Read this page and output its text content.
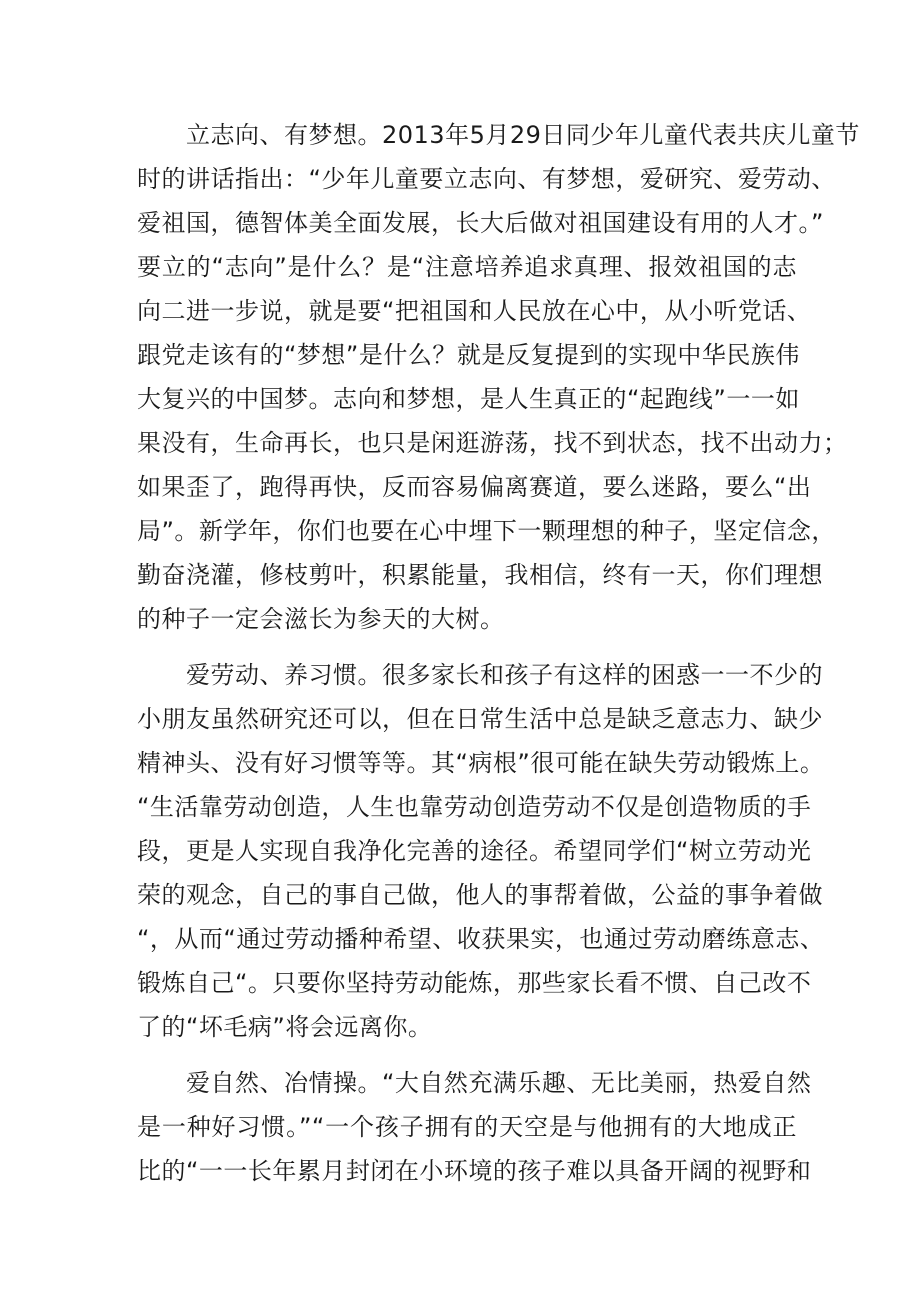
立志向、有梦想。2013年5月29日同少年儿童代表共庆儿童节
时的讲话指出：“少年儿童要立志向、有梦想，爱研究、爱劳动、
爱祖国，德智体美全面发展，长大后做对祖国建设有用的人才。”
要立的“志向”是什么？是“注意培养追求真理、报效祖国的志
向二进一步说，就是要“把祖国和人民放在心中，从小听党话、
跟党走该有的“梦想”是什么？就是反复提到的实现中华民族伟
大复兴的中国梦。志向和梦想，是人生真正的“起跑线”一一如
果没有，生命再长，也只是闲逛游荡，找不到状态，找不出动力；
如果歪了，跑得再快，反而容易偏离赛道，要么迷路，要么“出
局”。新学年，你们也要在心中埋下一颗理想的种子，坚定信念，
勤奋浇灌，修枝剪叶，积累能量，我相信，终有一天，你们理想
的种子一定会滋长为参天的大树。
爱劳动、养习惯。很多家长和孩子有这样的困惑一一不少的
小朋友虽然研究还可以，但在日常生活中总是缺乏意志力、缺少
精神头、没有好习惯等等。其“病根”很可能在缺失劳动锻炼上。
“生活靠劳动创造，人生也靠劳动创造劳动不仅是创造物质的手
段，更是人实现自我净化完善的途径。希望同学们“树立劳动光
荣的观念，自己的事自己做，他人的事帮着做，公益的事争着做
“，从而“通过劳动播种希望、收获果实，也通过劳动磨练意志、
锻炼自己“。只要你坚持劳动能炼，那些家长看不惯、自己改不
了的“坏毛病”将会远离你。
爱自然、冶情操。“大自然充满乐趣、无比美丽，热爱自然
是一种好习惯。”“一个孩子拥有的天空是与他拥有的大地成正
比的“一一长年累月封闭在小环境的孩子难以具备开阔的视野和
